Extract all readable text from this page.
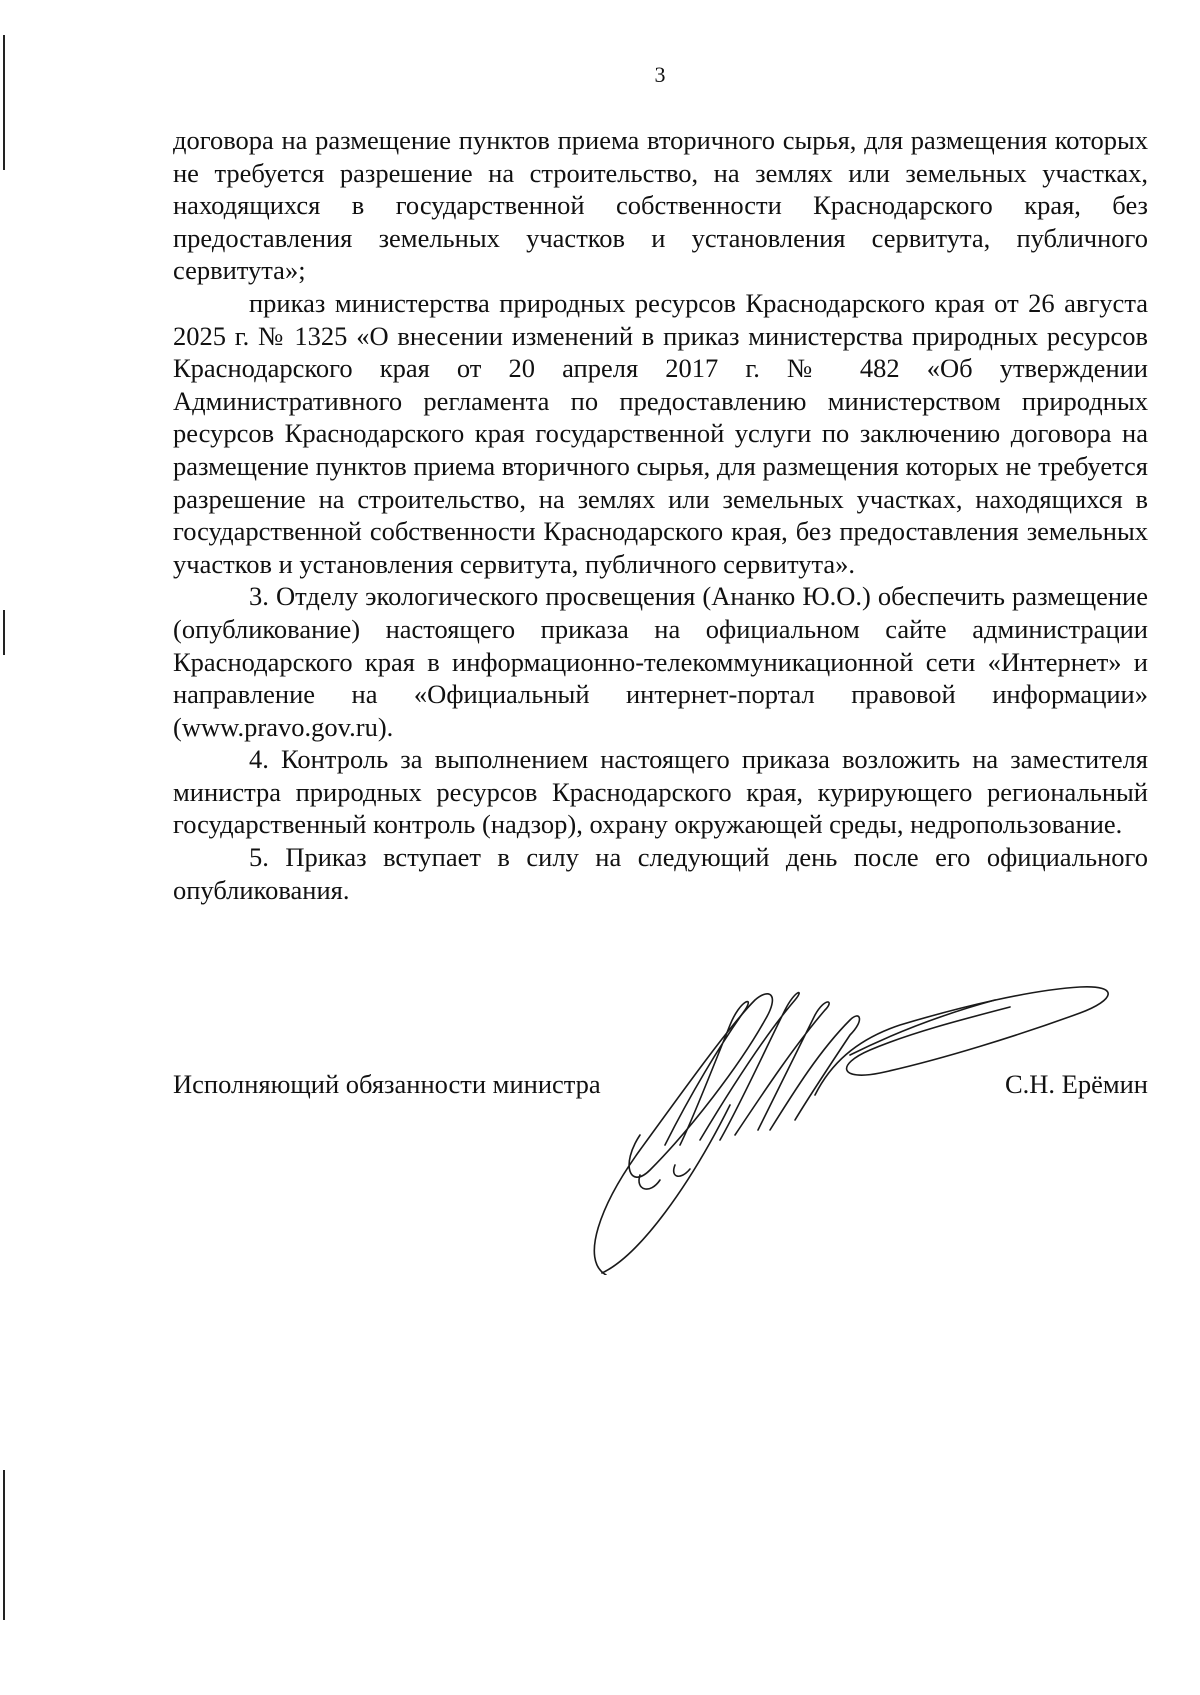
3

договора на размещение пунктов приема вторичного сырья, для размещения которых не требуется разрешение на строительство, на землях или земельных участках, находящихся в государственной собственности Краснодарского края, без предоставления земельных участков и установления сервитута, публичного сервитута»;

приказ министерства природных ресурсов Краснодарского края от 26 августа 2025 г. № 1325 «О внесении изменений в приказ министерства природных ресурсов Краснодарского края от 20 апреля 2017 г. № 482 «Об утверждении Административного регламента по предоставлению министерством природных ресурсов Краснодарского края государственной услуги по заключению договора на размещение пунктов приема вторичного сырья, для размещения которых не требуется разрешение на строительство, на землях или земельных участках, находящихся в государственной собственности Краснодарского края, без предоставления земельных участков и установления сервитута, публичного сервитута».

3. Отделу экологического просвещения (Ананко Ю.О.) обеспечить размещение (опубликование) настоящего приказа на официальном сайте администрации Краснодарского края в информационно-телекоммуникационной сети «Интернет» и направление на «Официальный интернет-портал правовой информации» (www.pravo.gov.ru).

4. Контроль за выполнением настоящего приказа возложить на заместителя министра природных ресурсов Краснодарского края, курирующего региональный государственный контроль (надзор), охрану окружающей среды, недропользование.

5. Приказ вступает в силу на следующий день после его официального опубликования.

Исполняющий обязанности министра	С.Н. Ерёмин
